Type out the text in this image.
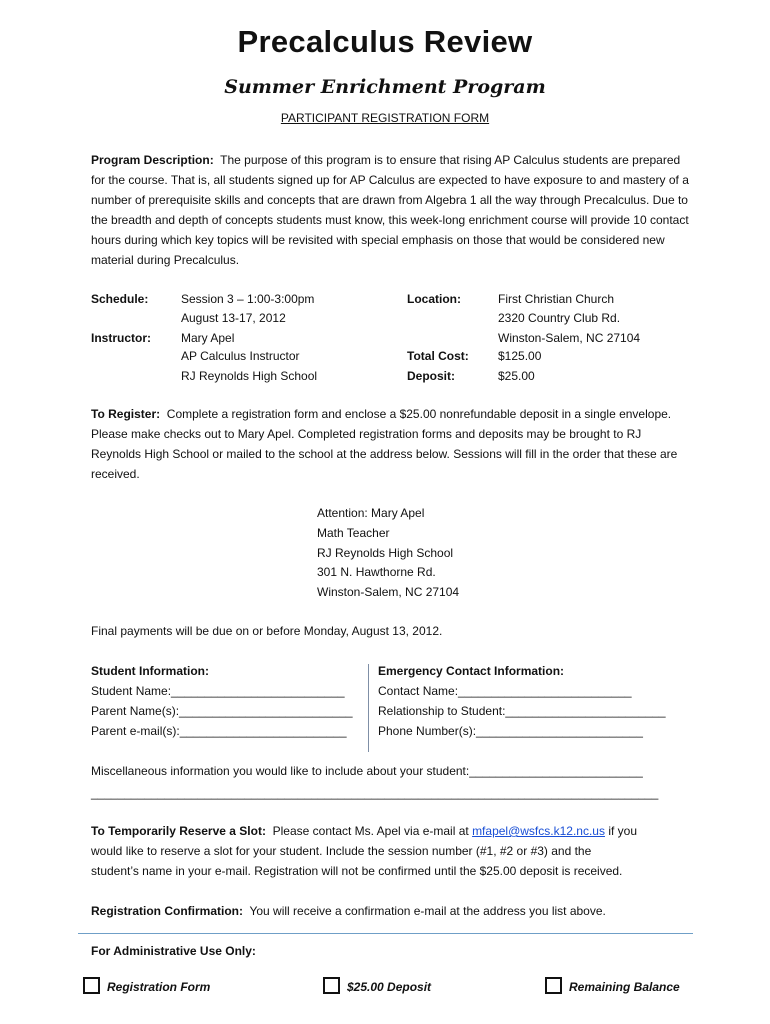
Precalculus Review
Summer Enrichment Program
PARTICIPANT REGISTRATION FORM
Program Description: The purpose of this program is to ensure that rising AP Calculus students are prepared for the course. That is, all students signed up for AP Calculus are expected to have exposure to and mastery of a number of prerequisite skills and concepts that are drawn from Algebra 1 all the way through Precalculus. Due to the breadth and depth of concepts students must know, this week-long enrichment course will provide 10 contact hours during which key topics will be revisited with special emphasis on those that would be considered new material during Precalculus.
Schedule:	Session 3 – 1:00-3:00pm
August 13-17, 2012
Instructor:	Mary Apel
AP Calculus Instructor
RJ Reynolds High School
Location:	First Christian Church
2320 Country Club Rd.
Winston-Salem, NC 27104
Total Cost: $125.00
Deposit:	$25.00
To Register: Complete a registration form and enclose a $25.00 nonrefundable deposit in a single envelope. Please make checks out to Mary Apel. Completed registration forms and deposits may be brought to RJ Reynolds High School or mailed to the school at the address below. Sessions will fill in the order that these are received.
Attention: Mary Apel
Math Teacher
RJ Reynolds High School
301 N. Hawthorne Rd.
Winston-Salem, NC 27104
Final payments will be due on or before Monday, August 13, 2012.
Student Information:
Student Name:__________________________
Parent Name(s):__________________________
Parent e-mail(s):_________________________
Emergency Contact Information:
Contact Name:__________________________
Relationship to Student:________________________
Phone Number(s):_________________________
Miscellaneous information you would like to include about your student:__________________________
_____________________________________________________________________________________
To Temporarily Reserve a Slot: Please contact Ms. Apel via e-mail at mfapel@wsfcs.k12.nc.us if you
would like to reserve a slot for your student. Include the session number (#1, #2 or #3) and the
student’s name in your e-mail. Registration will not be confirmed until the $25.00 deposit is received.
Registration Confirmation: You will receive a confirmation e-mail at the address you list above.
For Administrative Use Only:
Registration Form	$25.00 Deposit	Remaining Balance
